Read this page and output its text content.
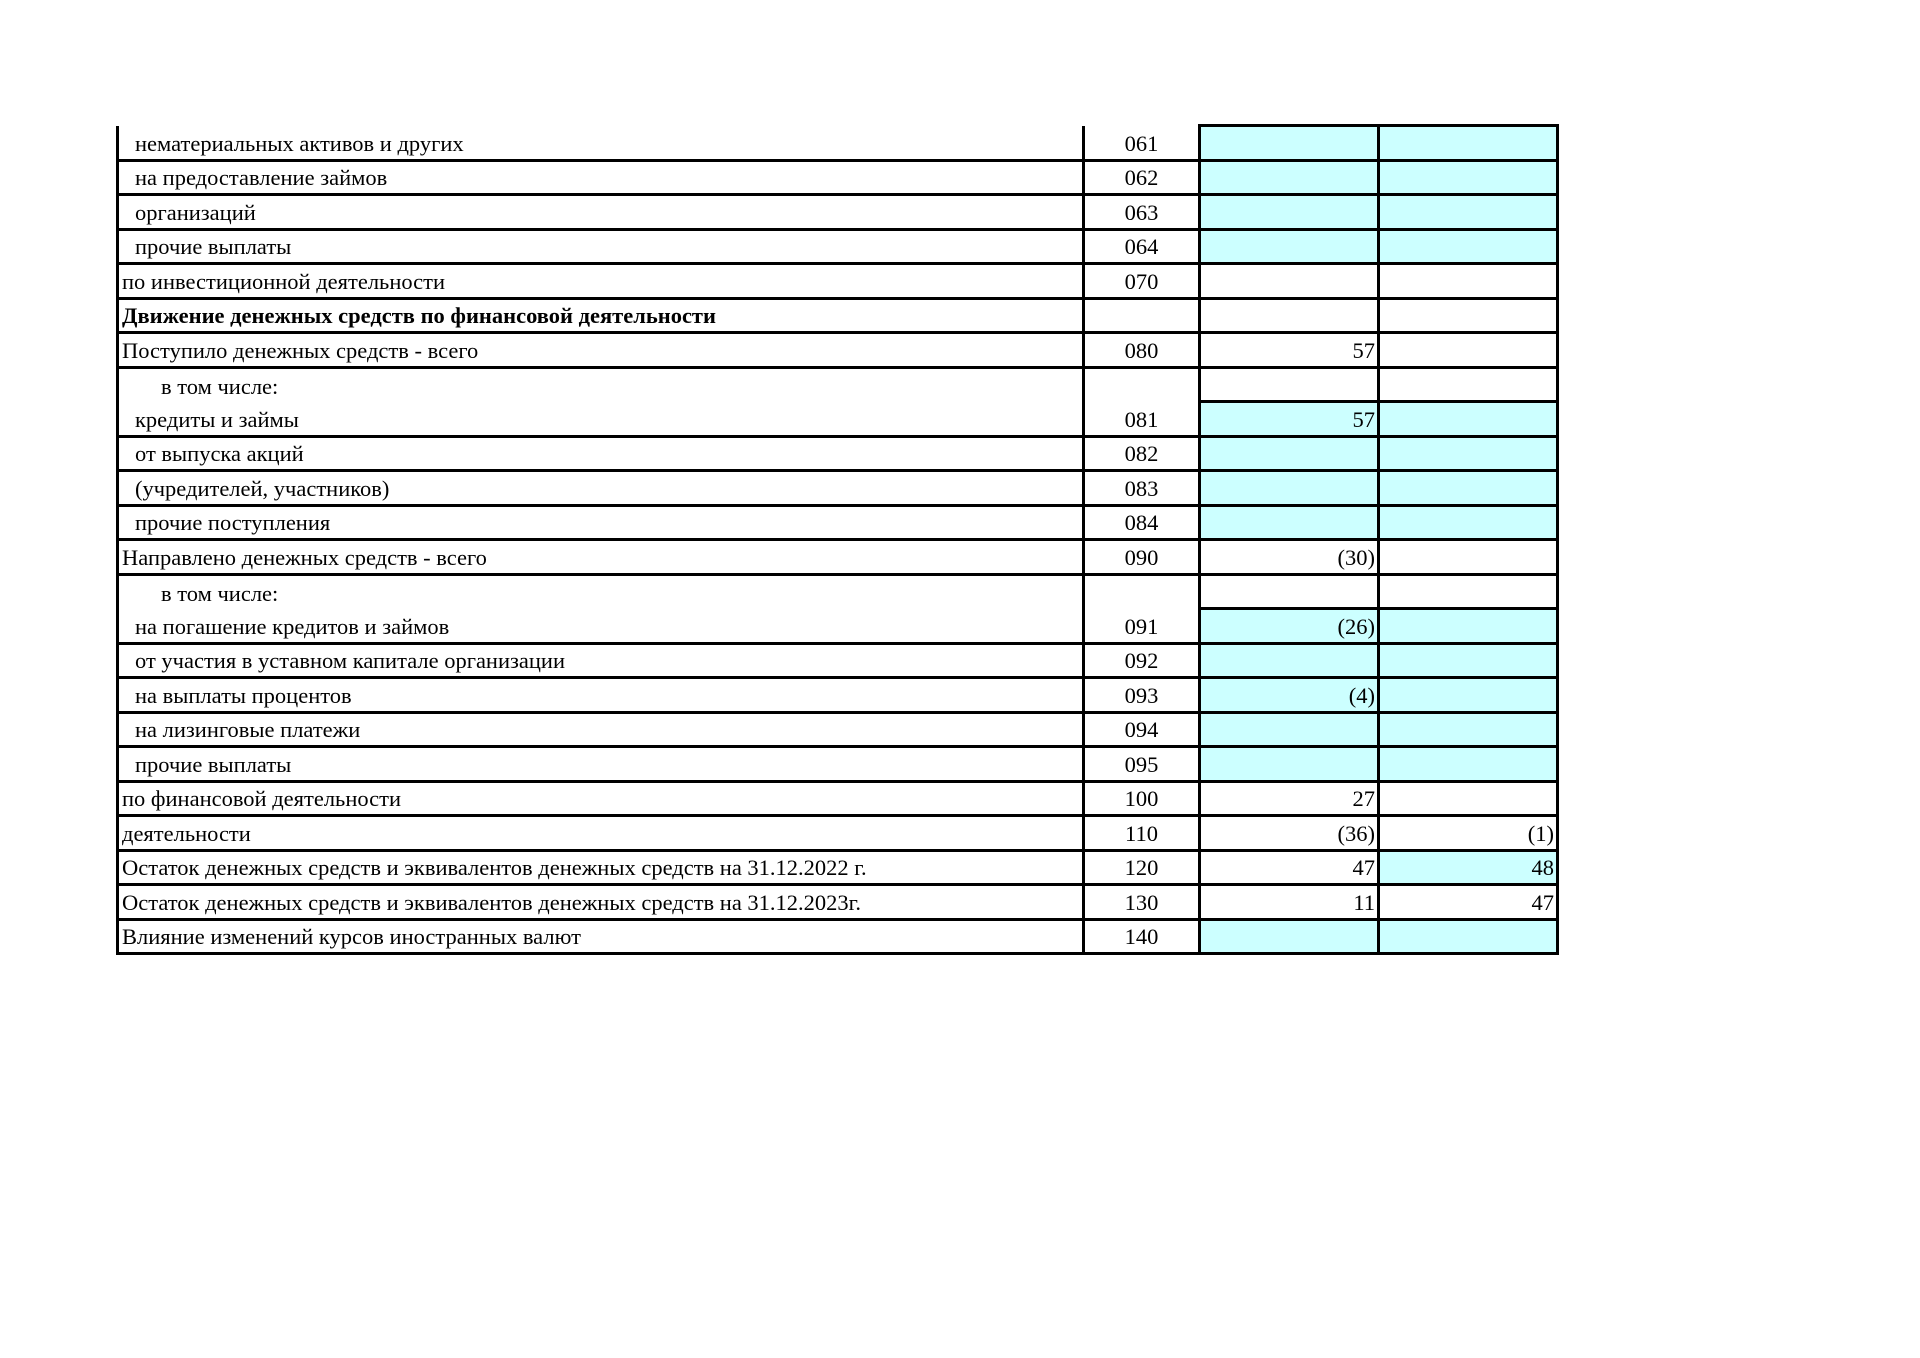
нематериальных активов и других	061		
на предоставление займов	062		
организаций	063		
прочие выплаты	064		
по инвестиционной деятельности	070		
Движение денежных средств по финансовой деятельности			
Поступило денежных средств - всего	080	57	
в том числе:			
кредиты и займы	081	57	
от выпуска акций	082		
(учредителей, участников)	083		
прочие поступления	084		
Направлено денежных средств - всего	090	(30)	
в том числе:			
на погашение кредитов и займов	091	(26)	
от участия в уставном капитале организации	092		
на выплаты процентов	093	(4)	
на лизинговые платежи	094		
прочие выплаты	095		
по финансовой деятельности	100	27	
деятельности	110	(36)	(1)
Остаток денежных средств и эквивалентов денежных средств на 31.12.2022 г.	120	47	48
Остаток денежных средств и эквивалентов денежных средств на 31.12.2023г.	130	11	47
Влияние изменений курсов иностранных валют	140		
